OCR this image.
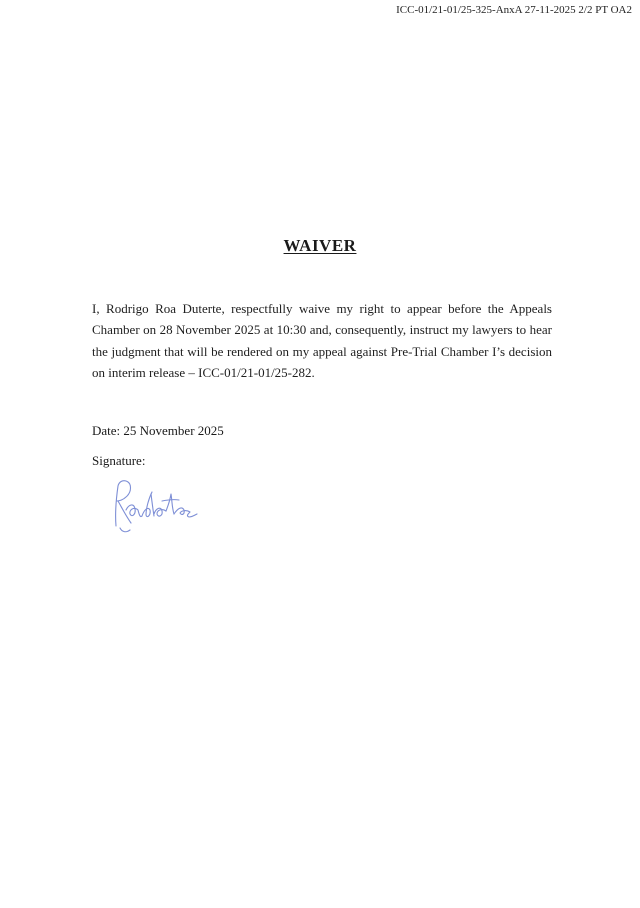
ICC-01/21-01/25-325-AnxA 27-11-2025 2/2 PT OA2
WAIVER
I, Rodrigo Roa Duterte, respectfully waive my right to appear before the Appeals Chamber on 28 November 2025 at 10:30 and, consequently, instruct my lawyers to hear the judgment that will be rendered on my appeal against Pre-Trial Chamber I’s decision on interim release – ICC-01/21-01/25-282.
Date: 25 November 2025
Signature:
